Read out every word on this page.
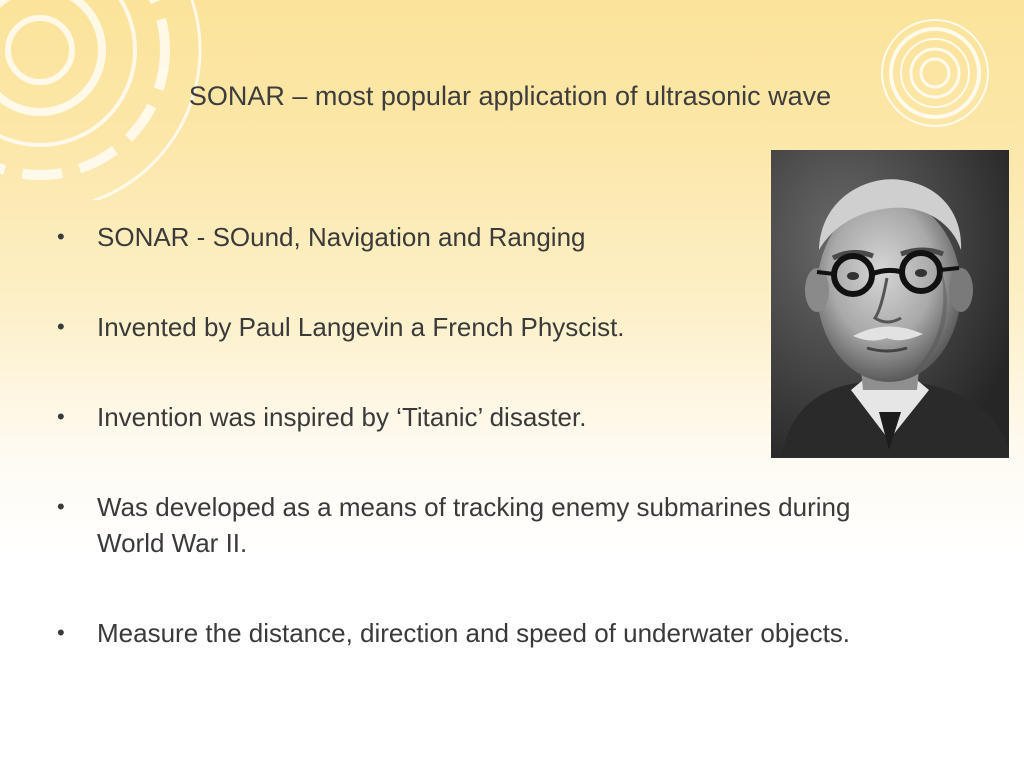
SONAR – most popular application of ultrasonic wave
• SONAR - SOund, Navigation and Ranging
• Invented by Paul Langevin a French Physcist.
• Invention was inspired by ‘Titanic’ disaster.
• Was developed as a means of tracking enemy submarines during World War II.
• Measure the distance, direction and speed of underwater objects.
